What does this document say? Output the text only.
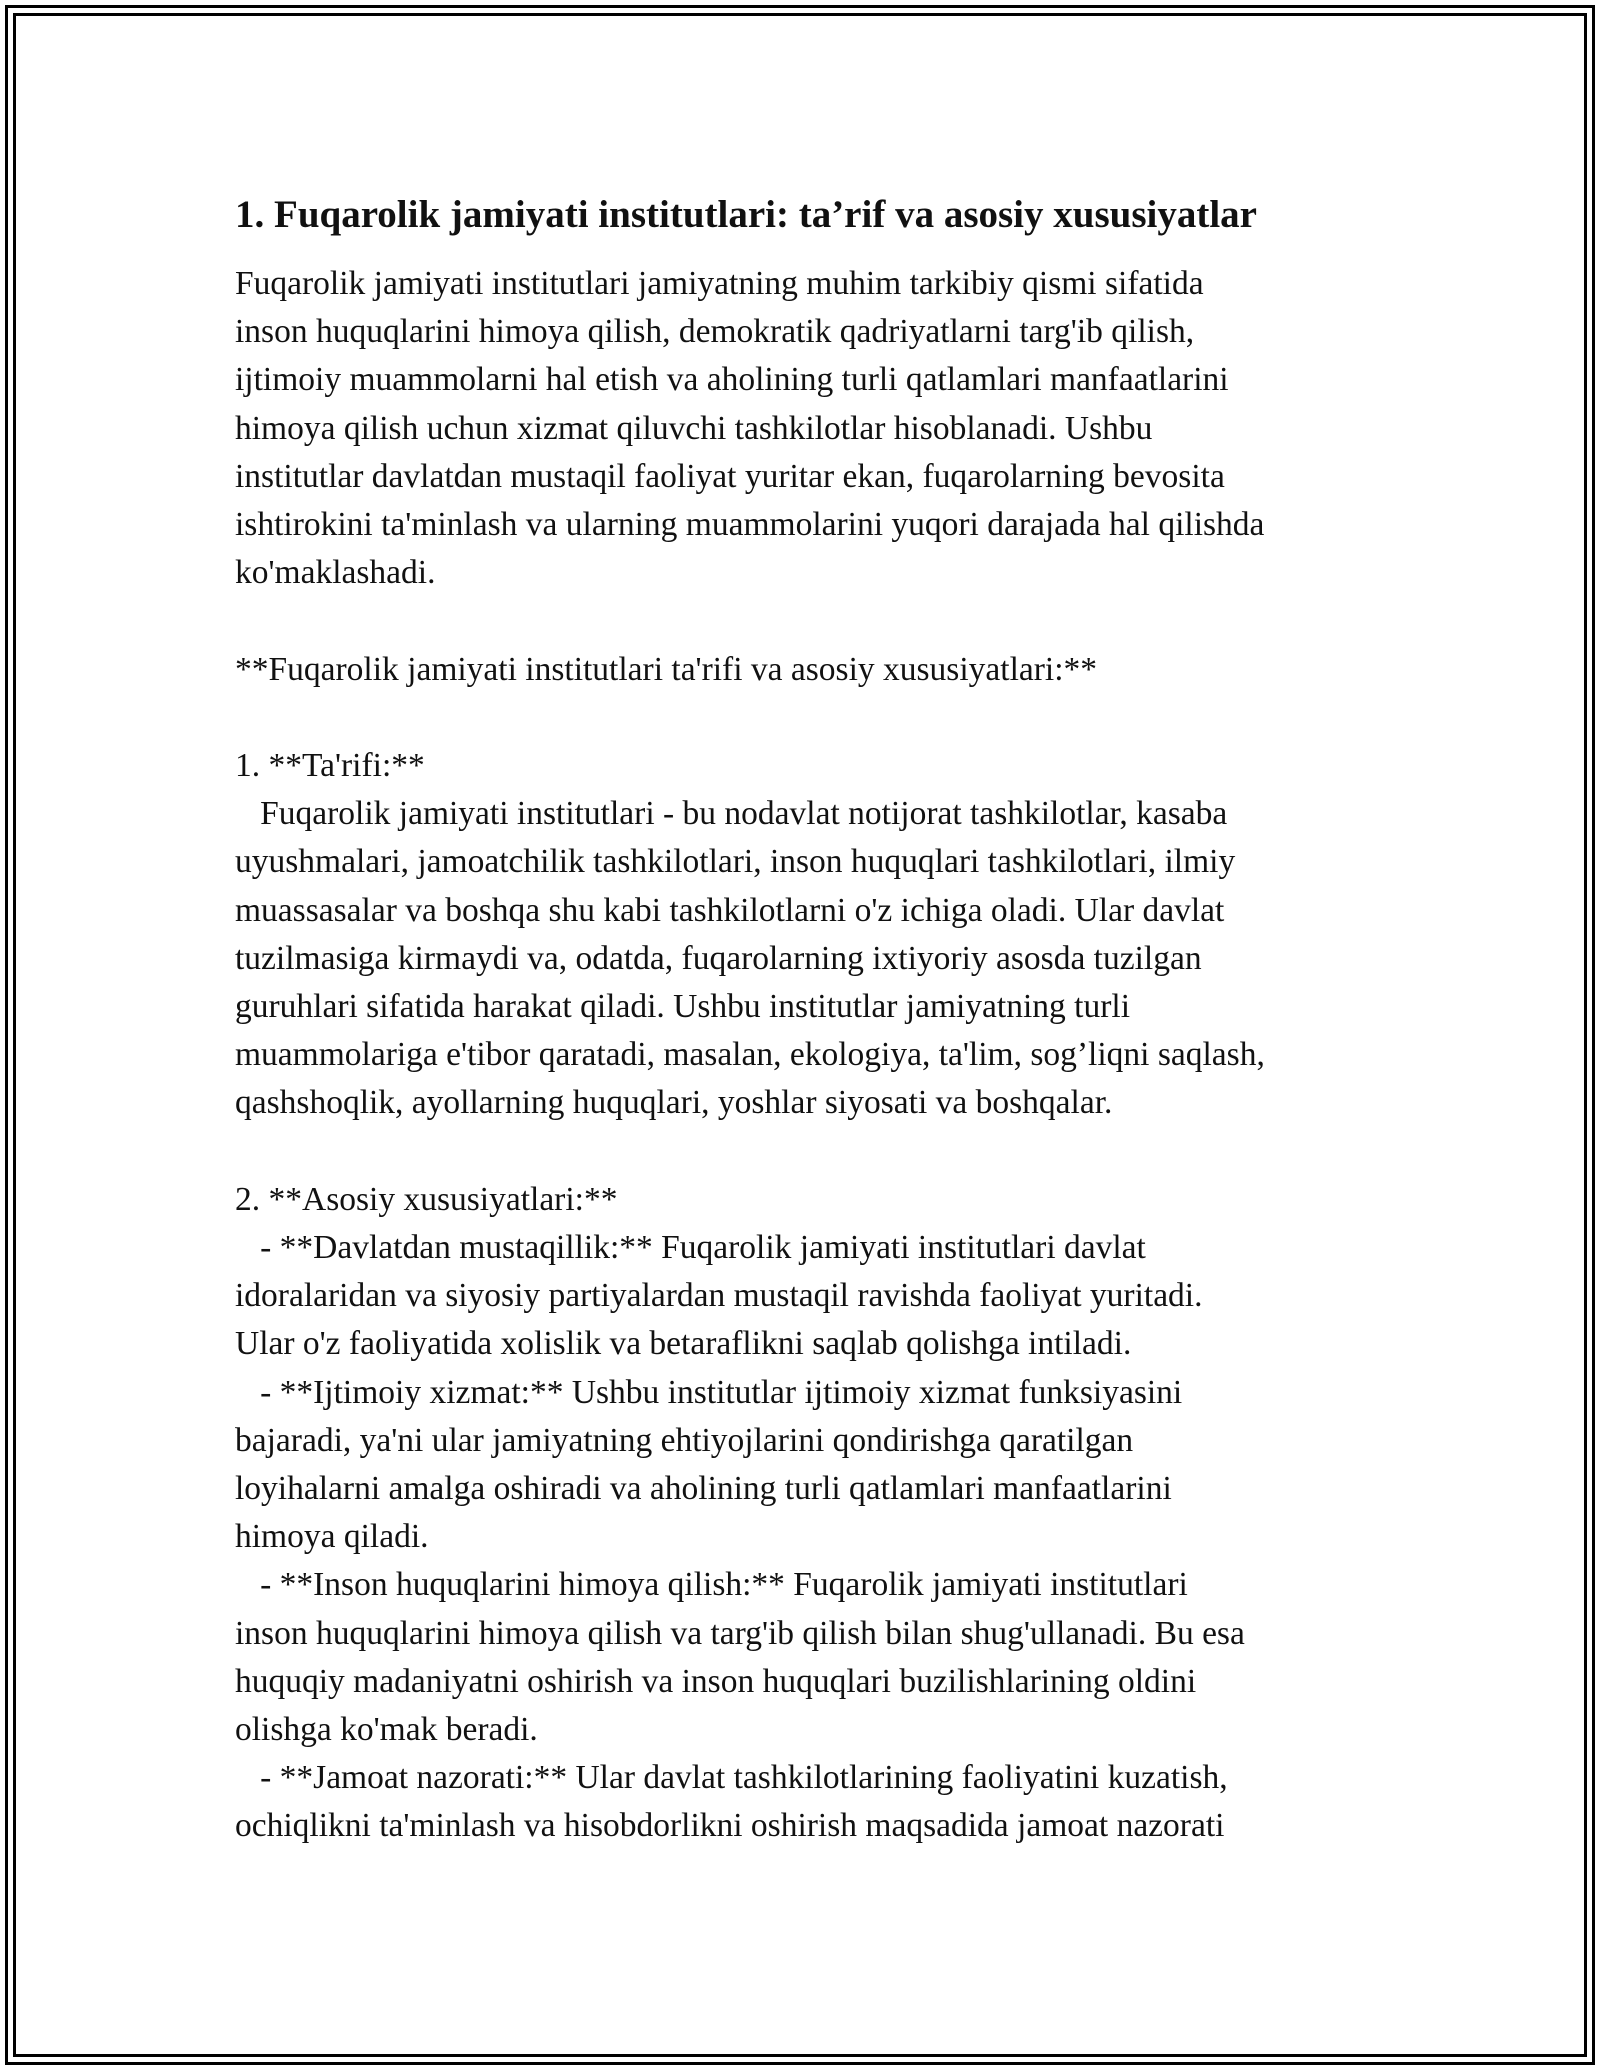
1. Fuqarolik jamiyati institutlari: ta’rif va asosiy xususiyatlar
Fuqarolik jamiyati institutlari jamiyatning muhim tarkibiy qismi sifatida
inson huquqlarini himoya qilish, demokratik qadriyatlarni targ'ib qilish,
ijtimoiy muammolarni hal etish va aholining turli qatlamlari manfaatlarini
himoya qilish uchun xizmat qiluvchi tashkilotlar hisoblanadi. Ushbu
institutlar davlatdan mustaqil faoliyat yuritar ekan, fuqarolarning bevosita
ishtirokini ta'minlash va ularning muammolarini yuqori darajada hal qilishda
ko'maklashadi.
**Fuqarolik jamiyati institutlari ta'rifi va asosiy xususiyatlari:**
1. **Ta'rifi:**
Fuqarolik jamiyati institutlari - bu nodavlat notijorat tashkilotlar, kasaba
uyushmalari, jamoatchilik tashkilotlari, inson huquqlari tashkilotlari, ilmiy
muassasalar va boshqa shu kabi tashkilotlarni o'z ichiga oladi. Ular davlat
tuzilmasiga kirmaydi va, odatda, fuqarolarning ixtiyoriy asosda tuzilgan
guruhlari sifatida harakat qiladi. Ushbu institutlar jamiyatning turli
muammolariga e'tibor qaratadi, masalan, ekologiya, ta'lim, sog’liqni saqlash,
qashshoqlik, ayollarning huquqlari, yoshlar siyosati va boshqalar.
2. **Asosiy xususiyatlari:**
- **Davlatdan mustaqillik:** Fuqarolik jamiyati institutlari davlat
idoralaridan va siyosiy partiyalardan mustaqil ravishda faoliyat yuritadi.
Ular o'z faoliyatida xolislik va betaraflikni saqlab qolishga intiladi.
- **Ijtimoiy xizmat:** Ushbu institutlar ijtimoiy xizmat funksiyasini
bajaradi, ya'ni ular jamiyatning ehtiyojlarini qondirishga qaratilgan
loyihalarni amalga oshiradi va aholining turli qatlamlari manfaatlarini
himoya qiladi.
- **Inson huquqlarini himoya qilish:** Fuqarolik jamiyati institutlari
inson huquqlarini himoya qilish va targ'ib qilish bilan shug'ullanadi. Bu esa
huquqiy madaniyatni oshirish va inson huquqlari buzilishlarining oldini
olishga ko'mak beradi.
- **Jamoat nazorati:** Ular davlat tashkilotlarining faoliyatini kuzatish,
ochiqlikni ta'minlash va hisobdorlikni oshirish maqsadida jamoat nazorati
